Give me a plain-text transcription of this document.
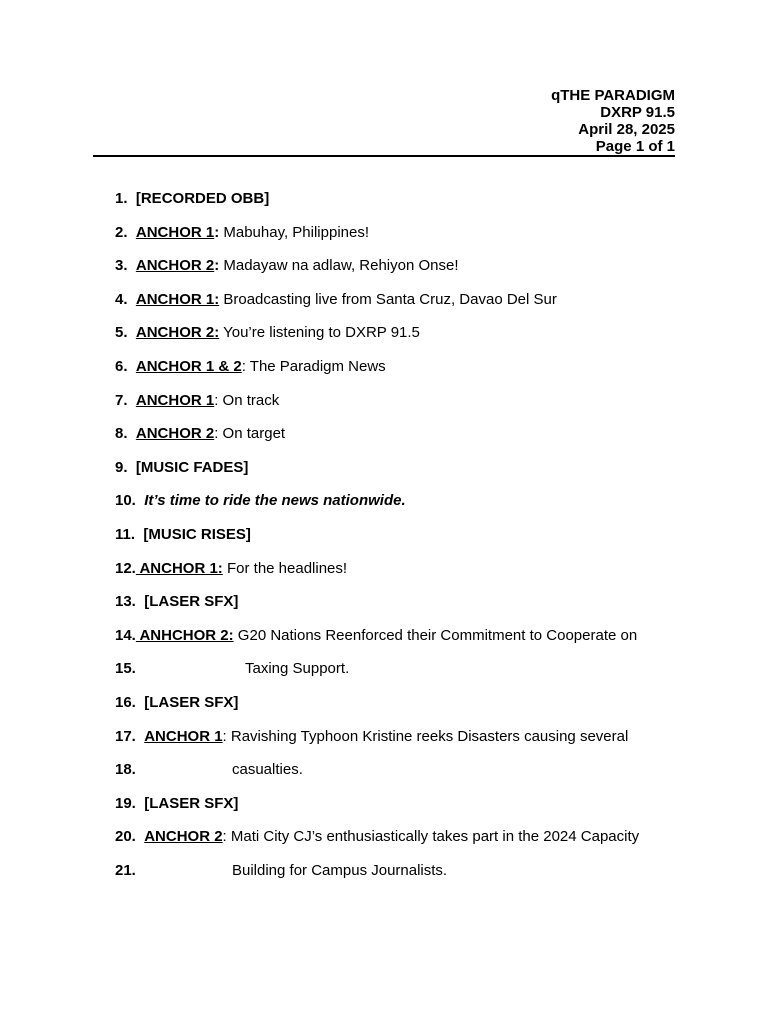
qTHE PARADIGM
DXRP 91.5
April 28, 2025
Page 1 of 1
1. [RECORDED OBB]
2. ANCHOR 1: Mabuhay, Philippines!
3. ANCHOR 2: Madayaw na adlaw, Rehiyon Onse!
4. ANCHOR 1: Broadcasting live from Santa Cruz, Davao Del Sur
5. ANCHOR 2: You’re listening to DXRP 91.5
6. ANCHOR 1 & 2: The Paradigm News
7. ANCHOR 1: On track
8. ANCHOR 2: On target
9. [MUSIC FADES]
10. It’s time to ride the news nationwide.
11. [MUSIC RISES]
12. ANCHOR 1: For the headlines!
13. [LASER SFX]
14. ANHCHOR 2: G20 Nations Reenforced their Commitment to Cooperate on
15.	Taxing Support.
16. [LASER SFX]
17. ANCHOR 1: Ravishing Typhoon Kristine reeks Disasters causing several
18.	casualties.
19. [LASER SFX]
20. ANCHOR 2: Mati City CJ’s enthusiastically takes part in the 2024 Capacity
21.	Building for Campus Journalists.
